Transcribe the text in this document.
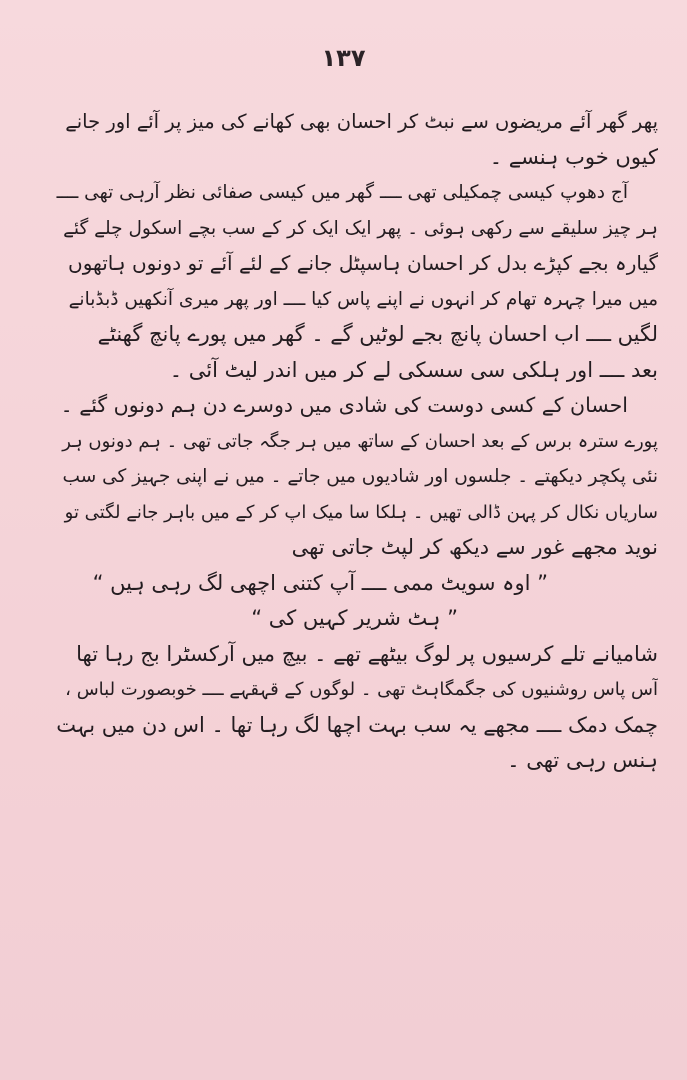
١٣٧
پھر گھر آئے مریضوں سے نبٹ کر احسان بھی کھانے کی میز پر آئے اور جانے
کیوں خوب ہنسے ۔
آج دھوپ کیسی چمکیلی تھی ــــ گھر میں کیسی صفائی نظر آرہی تھی ــــ
ہر چیز سلیقے سے رکھی ہوئی ۔ پھر ایک ایک کر کے سب بچے اسکول چلے گئے
گیارہ بجے کپڑے بدل کر احسان ہاسپٹل جانے کے لئے آئے تو دونوں ہاتھوں
میں میرا چہرہ تھام کر انہوں نے اپنے پاس کیا ــــ اور پھر میری آنکھیں ڈبڈبانے
لگیں ــــ اب احسان پانچ بجے لوٹیں گے ۔ گھر میں پورے پانچ گھنٹے
بعد ــــ اور ہلکی سی سسکی لے کر میں اندر لیٹ آئی ۔
احسان کے کسی دوست کی شادی میں دوسرے دن ہم دونوں گئے ۔
پورے سترہ برس کے بعد احسان کے ساتھ میں ہر جگہ جاتی تھی ۔ ہم دونوں ہر
نئی پکچر دیکھتے ۔ جلسوں اور شادیوں میں جاتے ۔ میں نے اپنی جہیز کی سب
ساریاں نکال کر پہن ڈالی تھیں ۔ ہلکا سا میک اپ کر کے میں باہر جانے لگتی تو
نوید مجھے غور سے دیکھ کر لپٹ جاتی تھی
” اوہ سویٹ ممی ــــ آپ کتنی اچھی لگ رہی ہیں “
” ہٹ شریر کہیں کی “
شامیانے تلے کرسیوں پر لوگ بیٹھے تھے ۔ بیچ میں آرکسٹرا بج رہا تھا
آس پاس روشنیوں کی جگمگاہٹ تھی ۔ لوگوں کے قہقہے ــــ خوبصورت لباس ،
چمک دمک ــــ مجھے یہ سب بہت اچھا لگ رہا تھا ۔ اس دن میں بہت
ہنس رہی تھی ۔
